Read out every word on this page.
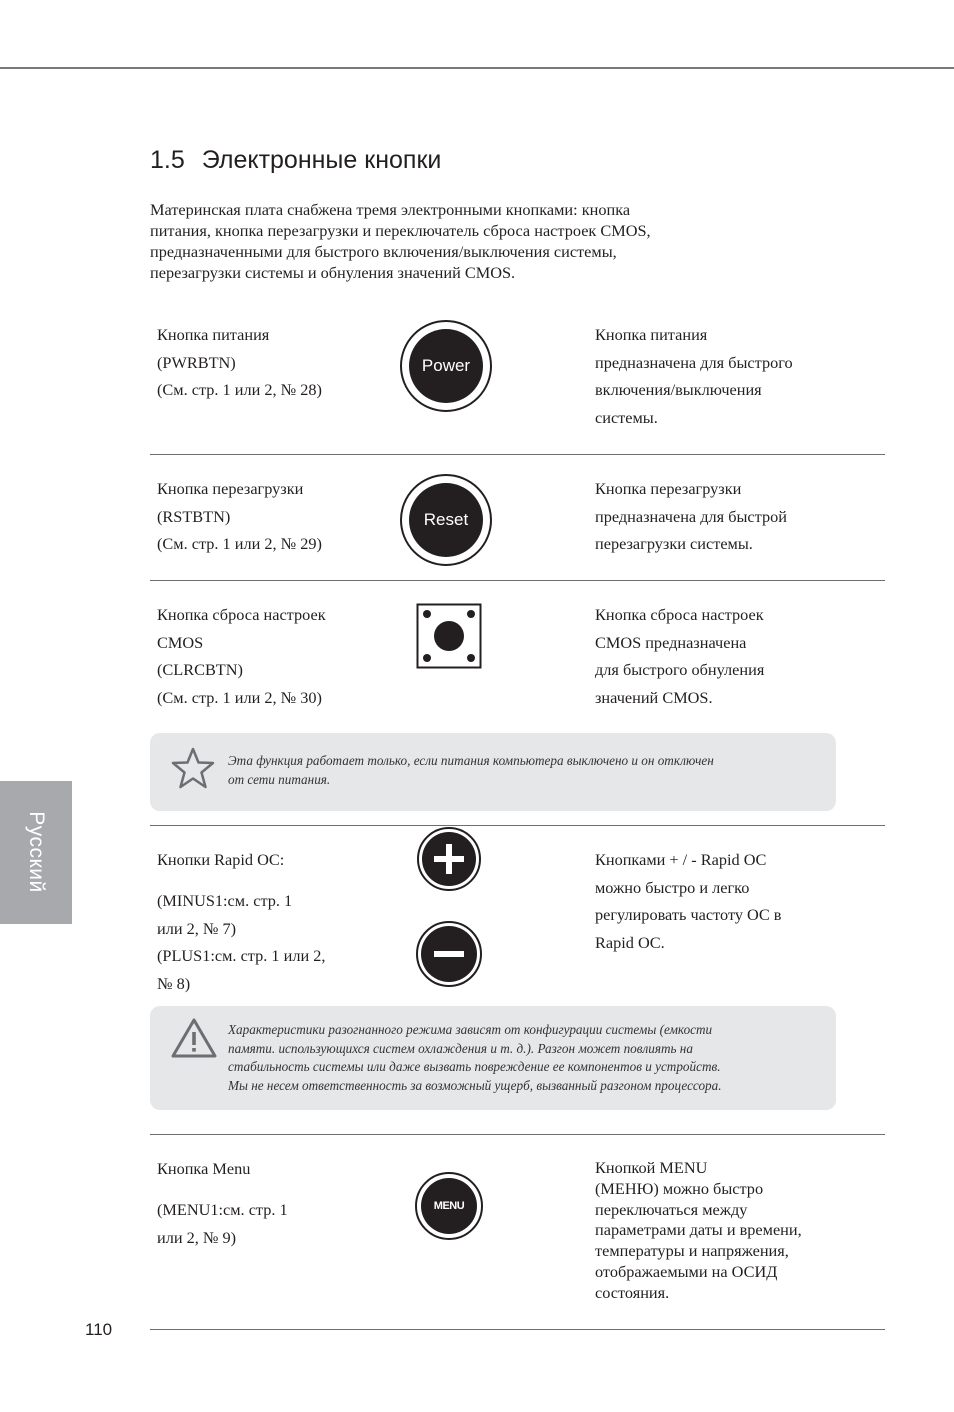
1.5 Электронные кнопки
Материнская плата снабжена тремя электронными кнопками: кнопка
питания, кнопка перезагрузки и переключатель сброса настроек CMOS,
предназначенными для быстрого включения/выключения системы,
перезагрузки системы и обнуления значений CMOS.
Кнопка питания
(PWRBTN)
(См. стр. 1 или 2, № 28)
Power
Кнопка питания
предназначена для быстрого
включения/выключения
системы.
Кнопка перезагрузки
(RSTBTN)
(См. стр. 1 или 2, № 29)
Reset
Кнопка перезагрузки
предназначена для быстрой
перезагрузки системы.
Кнопка сброса настроек
CMOS
(CLRCBTN)
(См. стр. 1 или 2, № 30)
Кнопка сброса настроек
CMOS предназначена
для быстрого обнуления
значений CMOS.
Эта функция работает только, если питания компьютера выключено и он отключен
от сети питания.
Кнопки Rapid OC:
(MINUS1:см. стр. 1
или 2, № 7)
(PLUS1:см. стр. 1 или 2,
№ 8)
Кнопками + / - Rapid OC
можно быстро и легко
регулировать частоту OC в
Rapid OC.
Характеристики разогнанного режима зависят от конфигурации системы (емкости
памяти. использующихся систем охлаждения и т. д.). Разгон может повлиять на
стабильность системы или даже вызвать повреждение ее компонентов и устройств.
Мы не несем ответственность за возможный ущерб, вызванный разгоном процессора.
Кнопка Menu
(MENU1:см. стр. 1
или 2, № 9)
MENU
Кнопкой MENU
(МЕНЮ) можно быстро
переключаться между
параметрами даты и времени,
температуры и напряжения,
отображаемыми на ОСИД
состояния.
Русский
110
